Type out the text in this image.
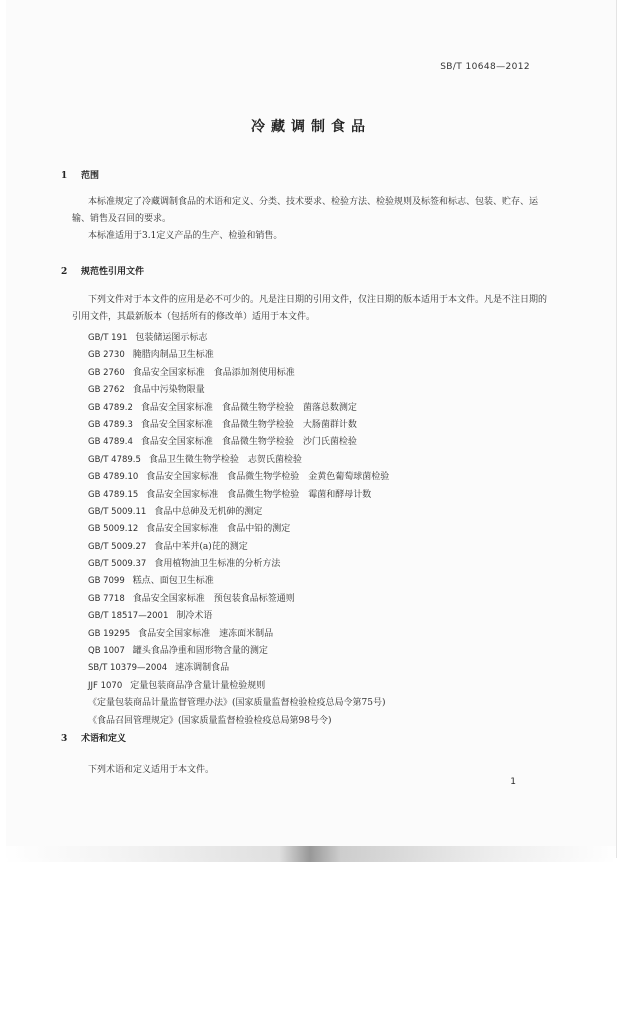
SB/T 10648—2012
冷藏调制食品
1 范围

本标准规定了冷藏调制食品的术语和定义、分类、技术要求、检验方法、检验规则及标签和标志、包装、贮存、运输、销售及召回的要求。

本标准适用于3.1定义产品的生产、检验和销售。

2 规范性引用文件

下列文件对于本文件的应用是必不可少的。凡是注日期的引用文件，仅注日期的版本适用于本文件。凡是不注日期的引用文件，其最新版本（包括所有的修改单）适用于本文件。

GB/T 191 包装储运图示标志
GB 2730 腌腊肉制品卫生标准
GB 2760 食品安全国家标准　食品添加剂使用标准
GB 2762 食品中污染物限量
GB 4789.2 食品安全国家标准　食品微生物学检验　菌落总数测定
GB 4789.3 食品安全国家标准　食品微生物学检验　大肠菌群计数
GB 4789.4 食品安全国家标准　食品微生物学检验　沙门氏菌检验
GB/T 4789.5 食品卫生微生物学检验　志贺氏菌检验
GB 4789.10 食品安全国家标准　食品微生物学检验　金黄色葡萄球菌检验
GB 4789.15 食品安全国家标准　食品微生物学检验　霉菌和酵母计数
GB/T 5009.11 食品中总砷及无机砷的测定
GB 5009.12 食品安全国家标准　食品中铅的测定
GB/T 5009.27 食品中苯并(a)芘的测定
GB/T 5009.37 食用植物油卫生标准的分析方法
GB 7099 糕点、面包卫生标准
GB 7718 食品安全国家标准　预包装食品标签通则
GB/T 18517—2001 制冷术语
GB 19295 食品安全国家标准　速冻面米制品
QB 1007 罐头食品净重和固形物含量的测定
SB/T 10379—2004 速冻调制食品
JJF 1070 定量包装商品净含量计量检验规则
《定量包装商品计量监督管理办法》(国家质量监督检验检疫总局令第75号)
《食品召回管理规定》(国家质量监督检验检疫总局第98号令)
3 术语和定义

下列术语和定义适用于本文件。

1
